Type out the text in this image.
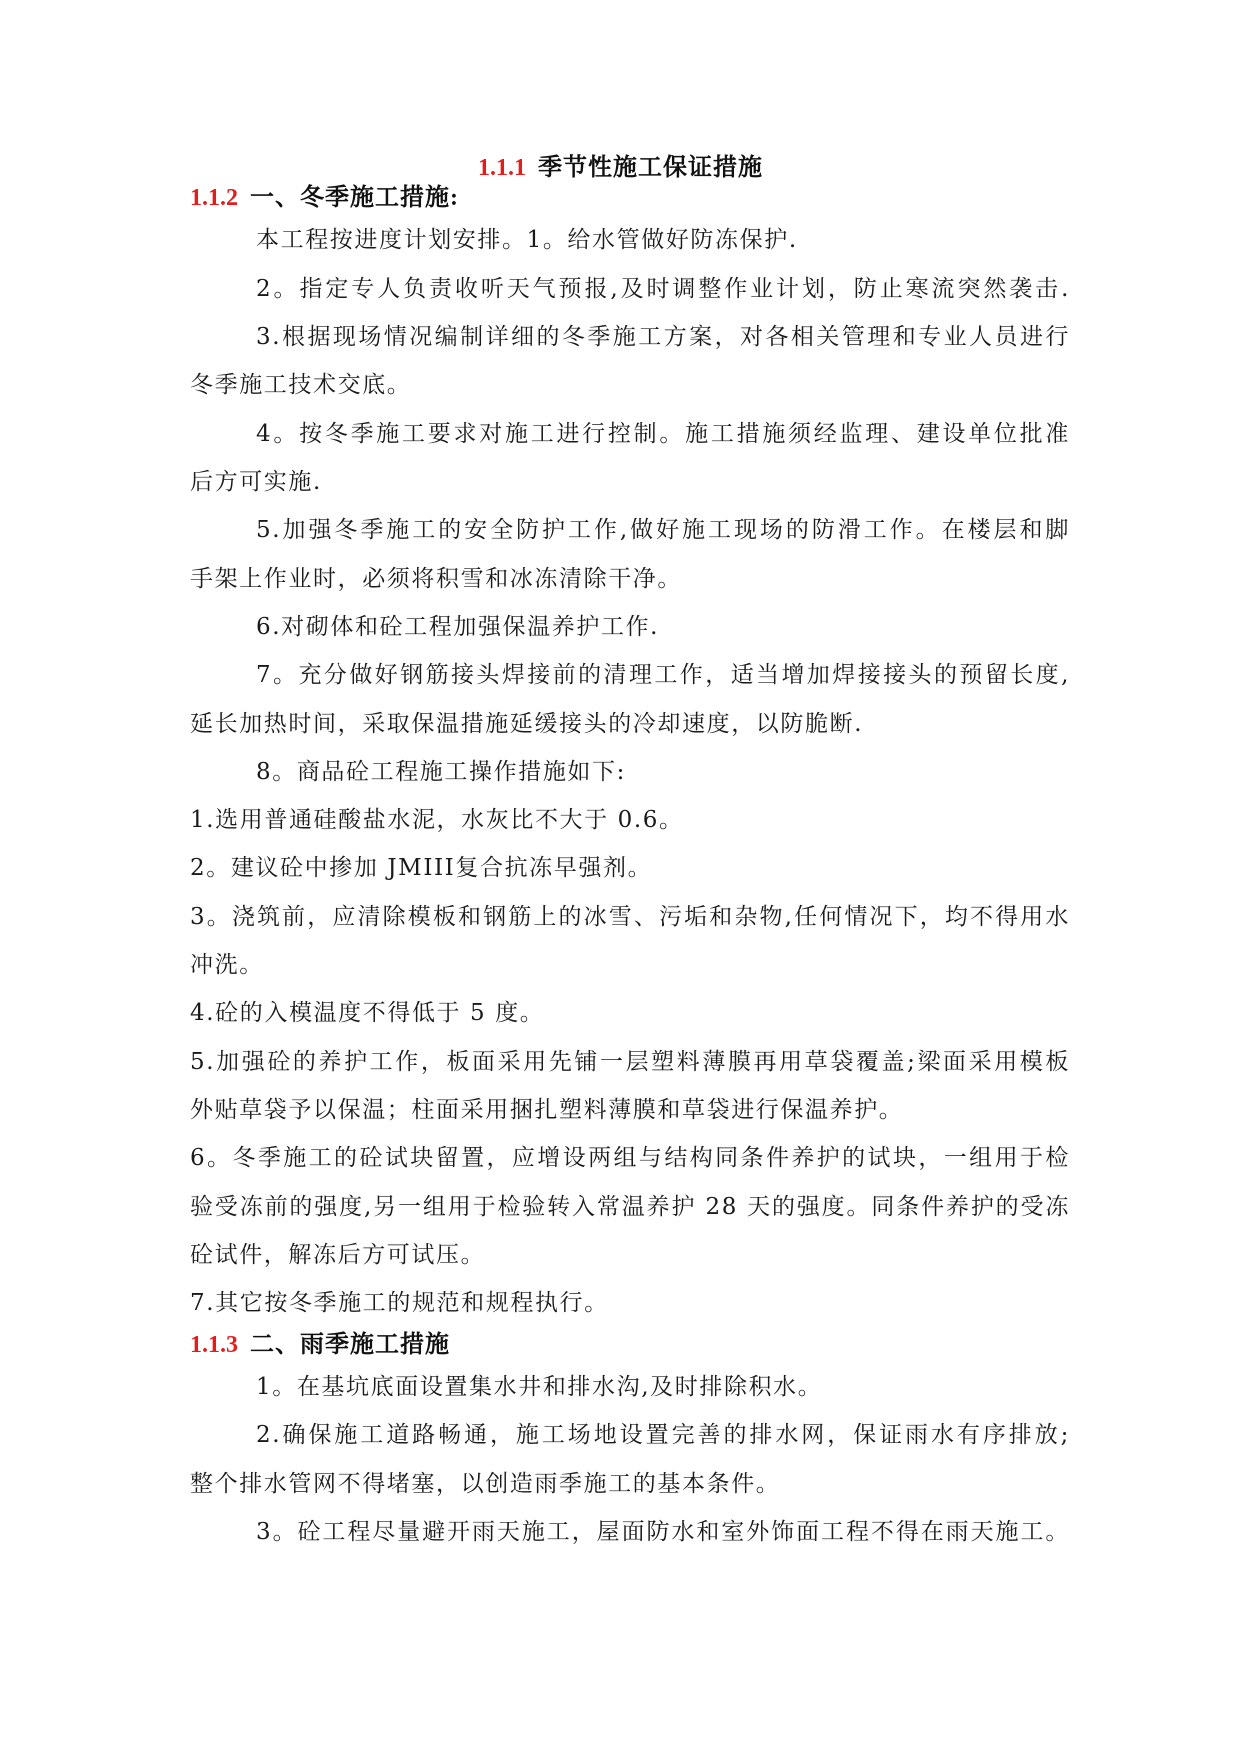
1.1.1 季节性施工保证措施
1.1.2 一、冬季施工措施:

本工程按进度计划安排。1。给水管做好防冻保护.

2。指定专人负责收听天气预报,及时调整作业计划，防止寒流突然袭击.

3.根据现场情况编制详细的冬季施工方案，对各相关管理和专业人员进行

冬季施工技术交底。

4。按冬季施工要求对施工进行控制。施工措施须经监理、建设单位批准

后方可实施.

5.加强冬季施工的安全防护工作,做好施工现场的防滑工作。在楼层和脚

手架上作业时，必须将积雪和冰冻清除干净。

6.对砌体和砼工程加强保温养护工作.

7。充分做好钢筋接头焊接前的清理工作，适当增加焊接接头的预留长度,

延长加热时间，采取保温措施延缓接头的冷却速度，以防脆断.

8。商品砼工程施工操作措施如下:

1.选用普通硅酸盐水泥，水灰比不大于 0.6。

2。建议砼中掺加 JMIII复合抗冻早强剂。

3。浇筑前，应清除模板和钢筋上的冰雪、污垢和杂物,任何情况下，均不得用水

冲洗。

4.砼的入模温度不得低于 5 度。

5.加强砼的养护工作，板面采用先铺一层塑料薄膜再用草袋覆盖;梁面采用模板

外贴草袋予以保温；柱面采用捆扎塑料薄膜和草袋进行保温养护。

6。冬季施工的砼试块留置，应增设两组与结构同条件养护的试块，一组用于检

验受冻前的强度,另一组用于检验转入常温养护 28 天的强度。同条件养护的受冻

砼试件，解冻后方可试压。

7.其它按冬季施工的规范和规程执行。

1.1.3 二、雨季施工措施

1。在基坑底面设置集水井和排水沟,及时排除积水。

2.确保施工道路畅通，施工场地设置完善的排水网，保证雨水有序排放;

整个排水管网不得堵塞，以创造雨季施工的基本条件。

3。砼工程尽量避开雨天施工，屋面防水和室外饰面工程不得在雨天施工。
